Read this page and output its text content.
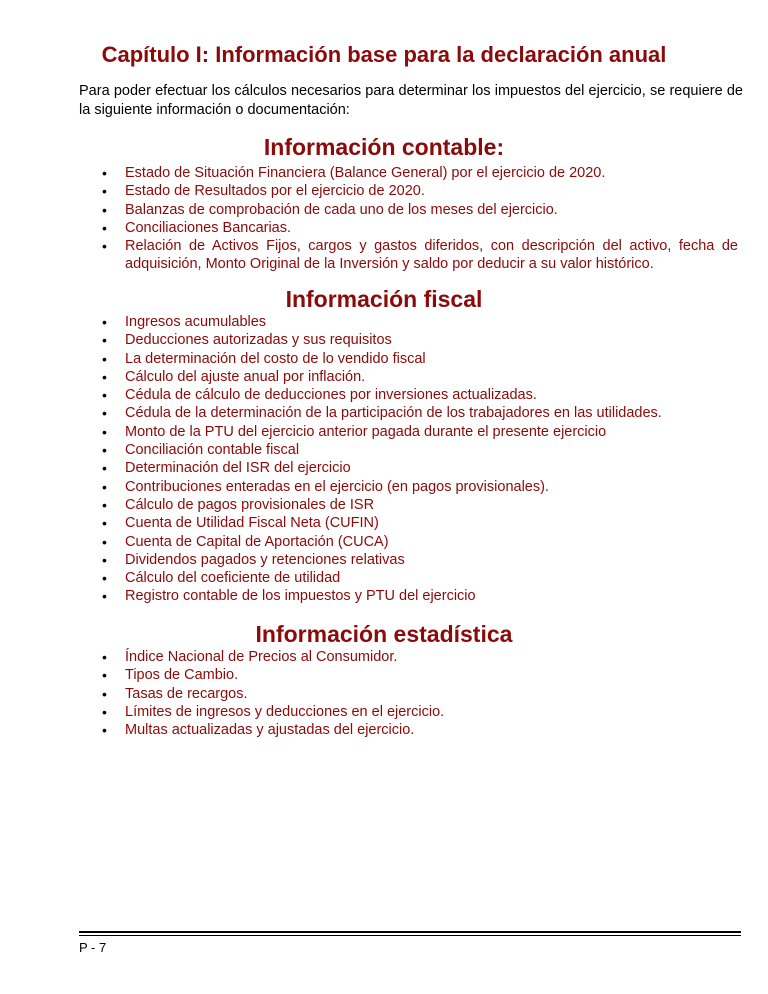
Capítulo I: Información base para la declaración anual

Para poder efectuar los cálculos necesarios para determinar los impuestos del ejercicio, se requiere de la siguiente información o documentación:

Información contable:
• Estado de Situación Financiera (Balance General) por el ejercicio de 2020.
• Estado de Resultados por el ejercicio de 2020.
• Balanzas de comprobación de cada uno de los meses del ejercicio.
• Conciliaciones Bancarias.
• Relación de Activos Fijos, cargos y gastos diferidos, con descripción del activo, fecha de adquisición, Monto Original de la Inversión y saldo por deducir a su valor histórico.
Información fiscal
• Ingresos acumulables
• Deducciones autorizadas y sus requisitos
• La determinación del costo de lo vendido fiscal
• Cálculo del ajuste anual por inflación.
• Cédula de cálculo de deducciones por inversiones actualizadas.
• Cédula de la determinación de la participación de los trabajadores en las utilidades.
• Monto de la PTU del ejercicio anterior pagada durante el presente ejercicio
• Conciliación contable fiscal
• Determinación del ISR del ejercicio
• Contribuciones enteradas en el ejercicio (en pagos provisionales).
• Cálculo de pagos provisionales de ISR
• Cuenta de Utilidad Fiscal Neta (CUFIN)
• Cuenta de Capital de Aportación (CUCA)
• Dividendos pagados y retenciones relativas
• Cálculo del coeficiente de utilidad
• Registro contable de los impuestos y PTU del ejercicio
Información estadística
• Índice Nacional de Precios al Consumidor.
• Tipos de Cambio.
• Tasas de recargos.
• Límites de ingresos y deducciones en el ejercicio.
• Multas actualizadas y ajustadas del ejercicio.
P - 7
